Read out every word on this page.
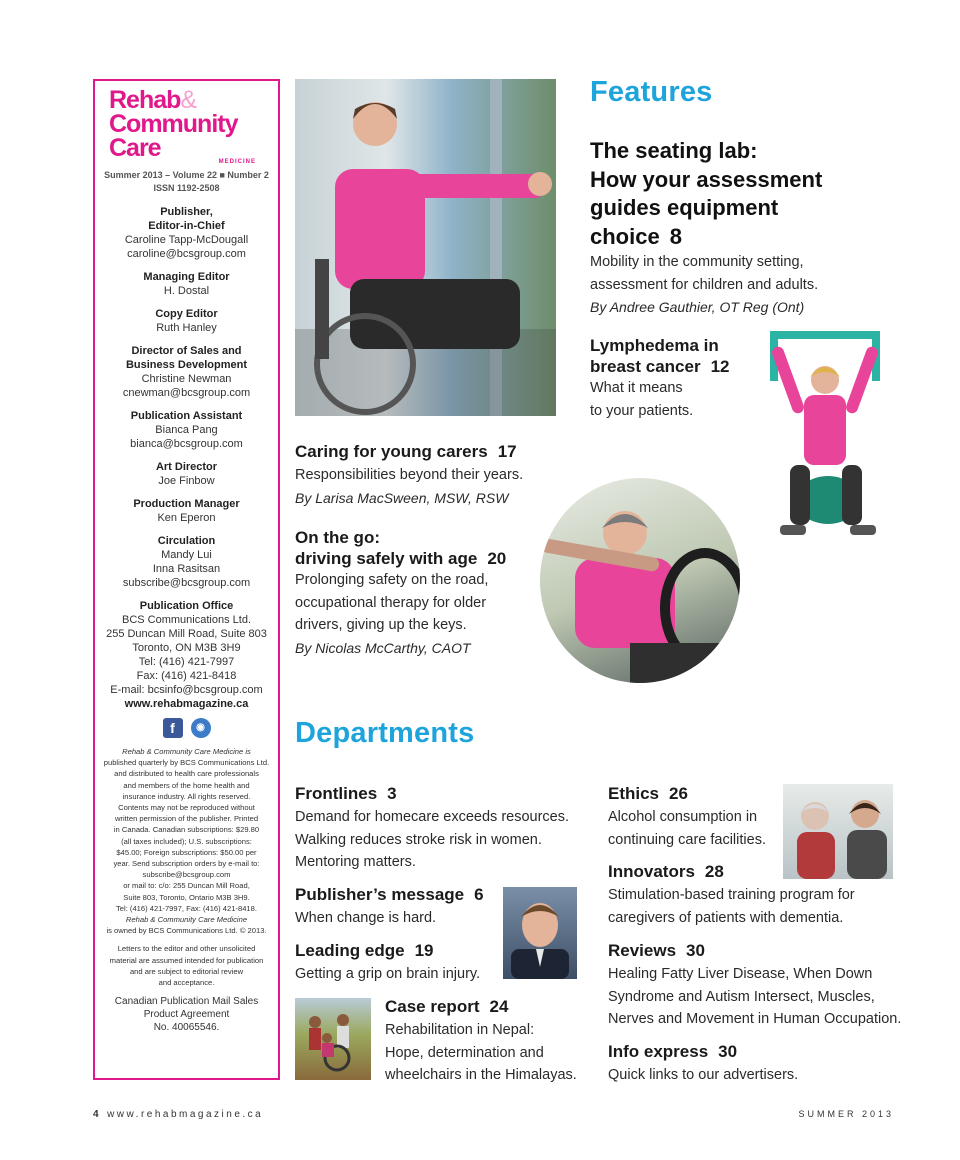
Rehab&
Community Care
MEDICINE
Summer 2013 – Volume 22 ■ Number 2
ISSN 1192-2508
Publisher,
Editor-in-Chief
Caroline Tapp-McDougall
caroline@bcsgroup.com
Managing Editor
H. Dostal
Copy Editor
Ruth Hanley
Director of Sales and
Business Development
Christine Newman
cnewman@bcsgroup.com
Publication Assistant
Bianca Pang
bianca@bcsgroup.com
Art Director
Joe Finbow
Production Manager
Ken Eperon
Circulation
Mandy Lui
Inna Rasitsan
subscribe@bcsgroup.com
Publication Office
BCS Communications Ltd.
255 Duncan Mill Road, Suite 803
Toronto, ON M3B 3H9
Tel: (416) 421-7997
Fax: (416) 421-8418
E-mail: bcsinfo@bcsgroup.com
www.rehabmagazine.ca
f	◉
Rehab & Community Care Medicine is
published quarterly by BCS Communications Ltd.
and distributed to health care professionals
and members of the home health and
insurance industry. All rights reserved.
Contents may not be reproduced without
written permission of the publisher. Printed
in Canada. Canadian subscriptions: $29.80
(all taxes included); U.S. subscriptions:
$45.00; Foreign subscriptions: $50.00 per
year. Send subscription orders by e-mail to:
subscribe@bcsgroup.com
or mail to: c/o: 255 Duncan Mill Road,
Suite 803, Toronto, Ontario M3B 3H9.
Tel: (416) 421-7997, Fax: (416) 421-8418.
Rehab & Community Care Medicine
is owned by BCS Communications Ltd. © 2013.
Letters to the editor and other unsolicited
material are assumed intended for publication
and are subject to editorial review
and acceptance.
Canadian Publication Mail Sales
Product Agreement
No. 40065546.
Features
The seating lab:
How your assessment
guides equipment
choice 8
Mobility in the community setting,
assessment for children and adults.
By Andree Gauthier, OT Reg (Ont)
Lymphedema in
breast cancer 12
What it means
to your patients.
Caring for young carers 17
Responsibilities beyond their years.
By Larisa MacSween, MSW, RSW
On the go:
driving safely with age 20
Prolonging safety on the road,
occupational therapy for older
drivers, giving up the keys.
By Nicolas McCarthy, CAOT
Departments
Frontlines 3
Demand for homecare exceeds resources.
Walking reduces stroke risk in women.
Mentoring matters.
Publisher’s message 6
When change is hard.
Leading edge 19
Getting a grip on brain injury.
Case report 24
Rehabilitation in Nepal:
Hope, determination and
wheelchairs in the Himalayas.
Ethics 26
Alcohol consumption in
continuing care facilities.
Innovators 28
Stimulation-based training program for
caregivers of patients with dementia.
Reviews 30
Healing Fatty Liver Disease, When Down
Syndrome and Autism Intersect, Muscles,
Nerves and Movement in Human Occupation.
Info express 30
Quick links to our advertisers.
4 www.rehabmagazine.ca	SUMMER 2013
